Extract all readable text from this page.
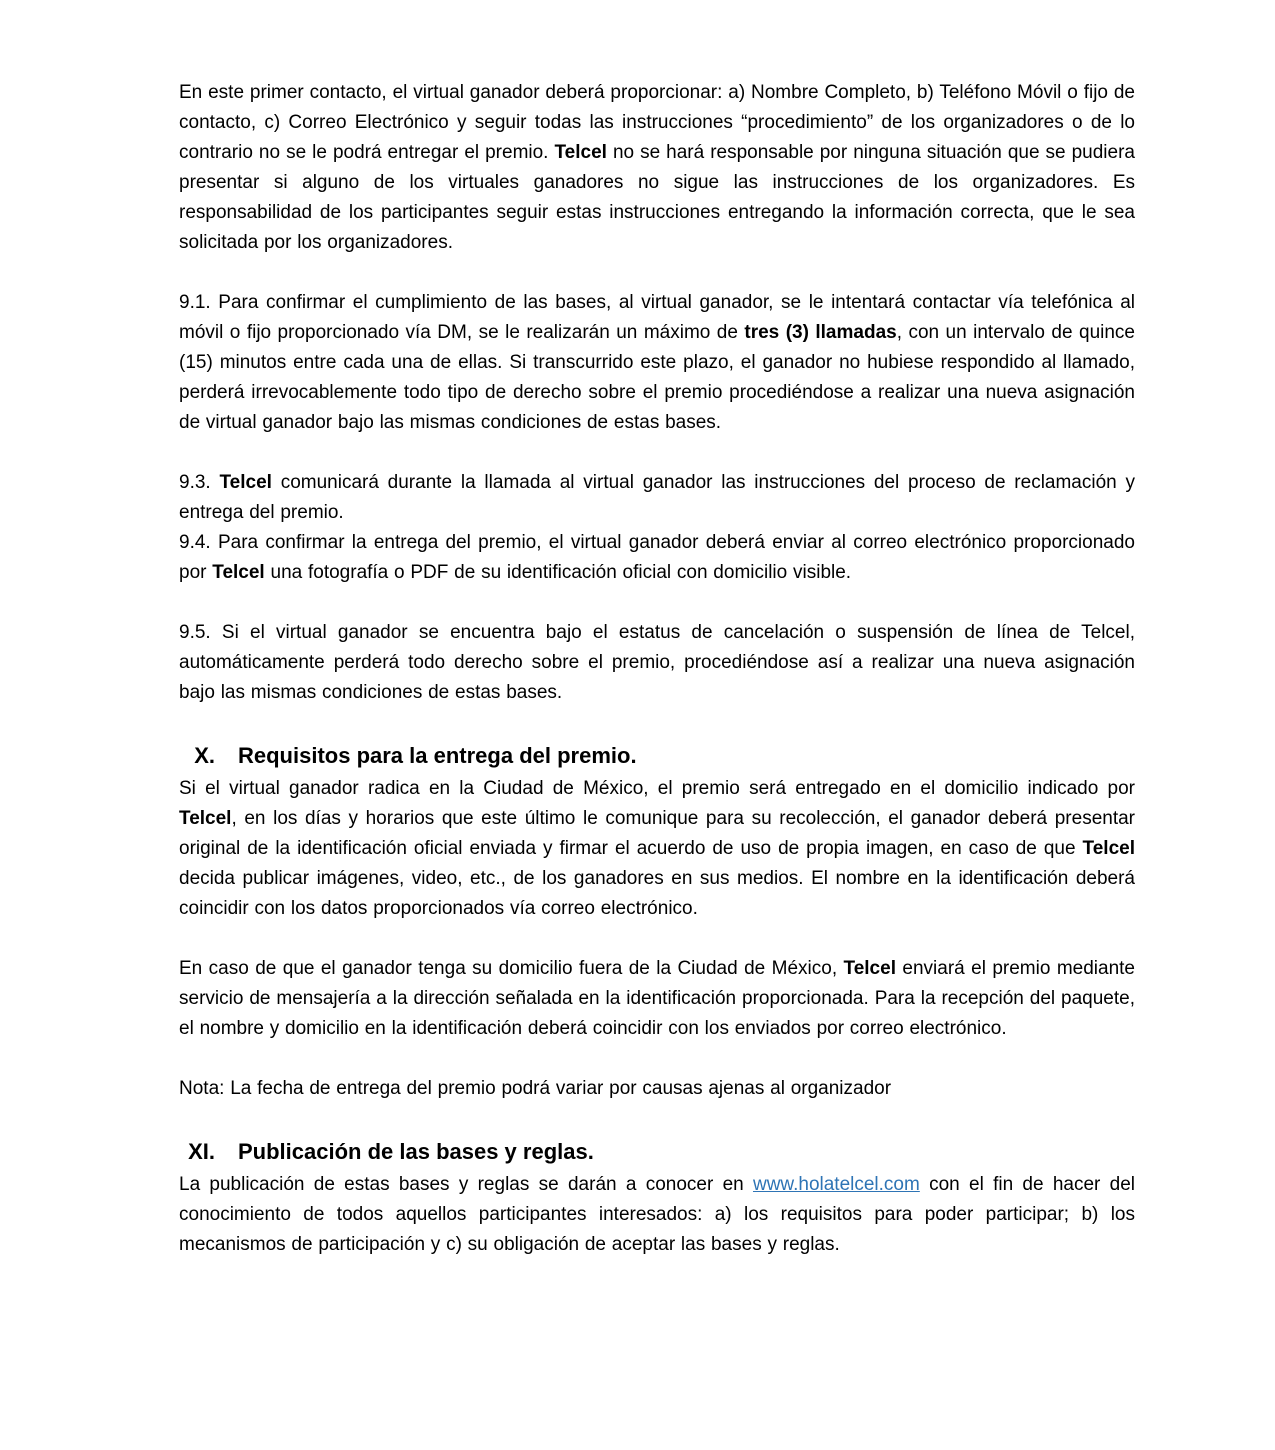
En este primer contacto, el virtual ganador deberá proporcionar: a) Nombre Completo, b) Teléfono Móvil o fijo de contacto, c) Correo Electrónico y seguir todas las instrucciones “procedimiento” de los organizadores o de lo contrario no se le podrá entregar el premio. Telcel no se hará responsable por ninguna situación que se pudiera presentar si alguno de los virtuales ganadores no sigue las instrucciones de los organizadores. Es responsabilidad de los participantes seguir estas instrucciones entregando la información correcta, que le sea solicitada por los organizadores.

9.1. Para confirmar el cumplimiento de las bases, al virtual ganador, se le intentará contactar vía telefónica al móvil o fijo proporcionado vía DM, se le realizarán un máximo de tres (3) llamadas, con un intervalo de quince (15) minutos entre cada una de ellas. Si transcurrido este plazo, el ganador no hubiese respondido al llamado, perderá irrevocablemente todo tipo de derecho sobre el premio procediéndose a realizar una nueva asignación de virtual ganador bajo las mismas condiciones de estas bases.

9.3. Telcel comunicará durante la llamada al virtual ganador las instrucciones del proceso de reclamación y entrega del premio.

9.4. Para confirmar la entrega del premio, el virtual ganador deberá enviar al correo electrónico proporcionado por Telcel una fotografía o PDF de su identificación oficial con domicilio visible.

9.5. Si el virtual ganador se encuentra bajo el estatus de cancelación o suspensión de línea de Telcel, automáticamente perderá todo derecho sobre el premio, procediéndose así a realizar una nueva asignación bajo las mismas condiciones de estas bases.

X. Requisitos para la entrega del premio.

Si el virtual ganador radica en la Ciudad de México, el premio será entregado en el domicilio indicado por Telcel, en los días y horarios que este último le comunique para su recolección, el ganador deberá presentar original de la identificación oficial enviada y firmar el acuerdo de uso de propia imagen, en caso de que Telcel decida publicar imágenes, video, etc., de los ganadores en sus medios. El nombre en la identificación deberá coincidir con los datos proporcionados vía correo electrónico.

En caso de que el ganador tenga su domicilio fuera de la Ciudad de México, Telcel enviará el premio mediante servicio de mensajería a la dirección señalada en la identificación proporcionada. Para la recepción del paquete, el nombre y domicilio en la identificación deberá coincidir con los enviados por correo electrónico.

Nota: La fecha de entrega del premio podrá variar por causas ajenas al organizador

XI. Publicación de las bases y reglas.

La publicación de estas bases y reglas se darán a conocer en www.holatelcel.com con el fin de hacer del conocimiento de todos aquellos participantes interesados: a) los requisitos para poder participar; b) los mecanismos de participación y c) su obligación de aceptar las bases y reglas.
